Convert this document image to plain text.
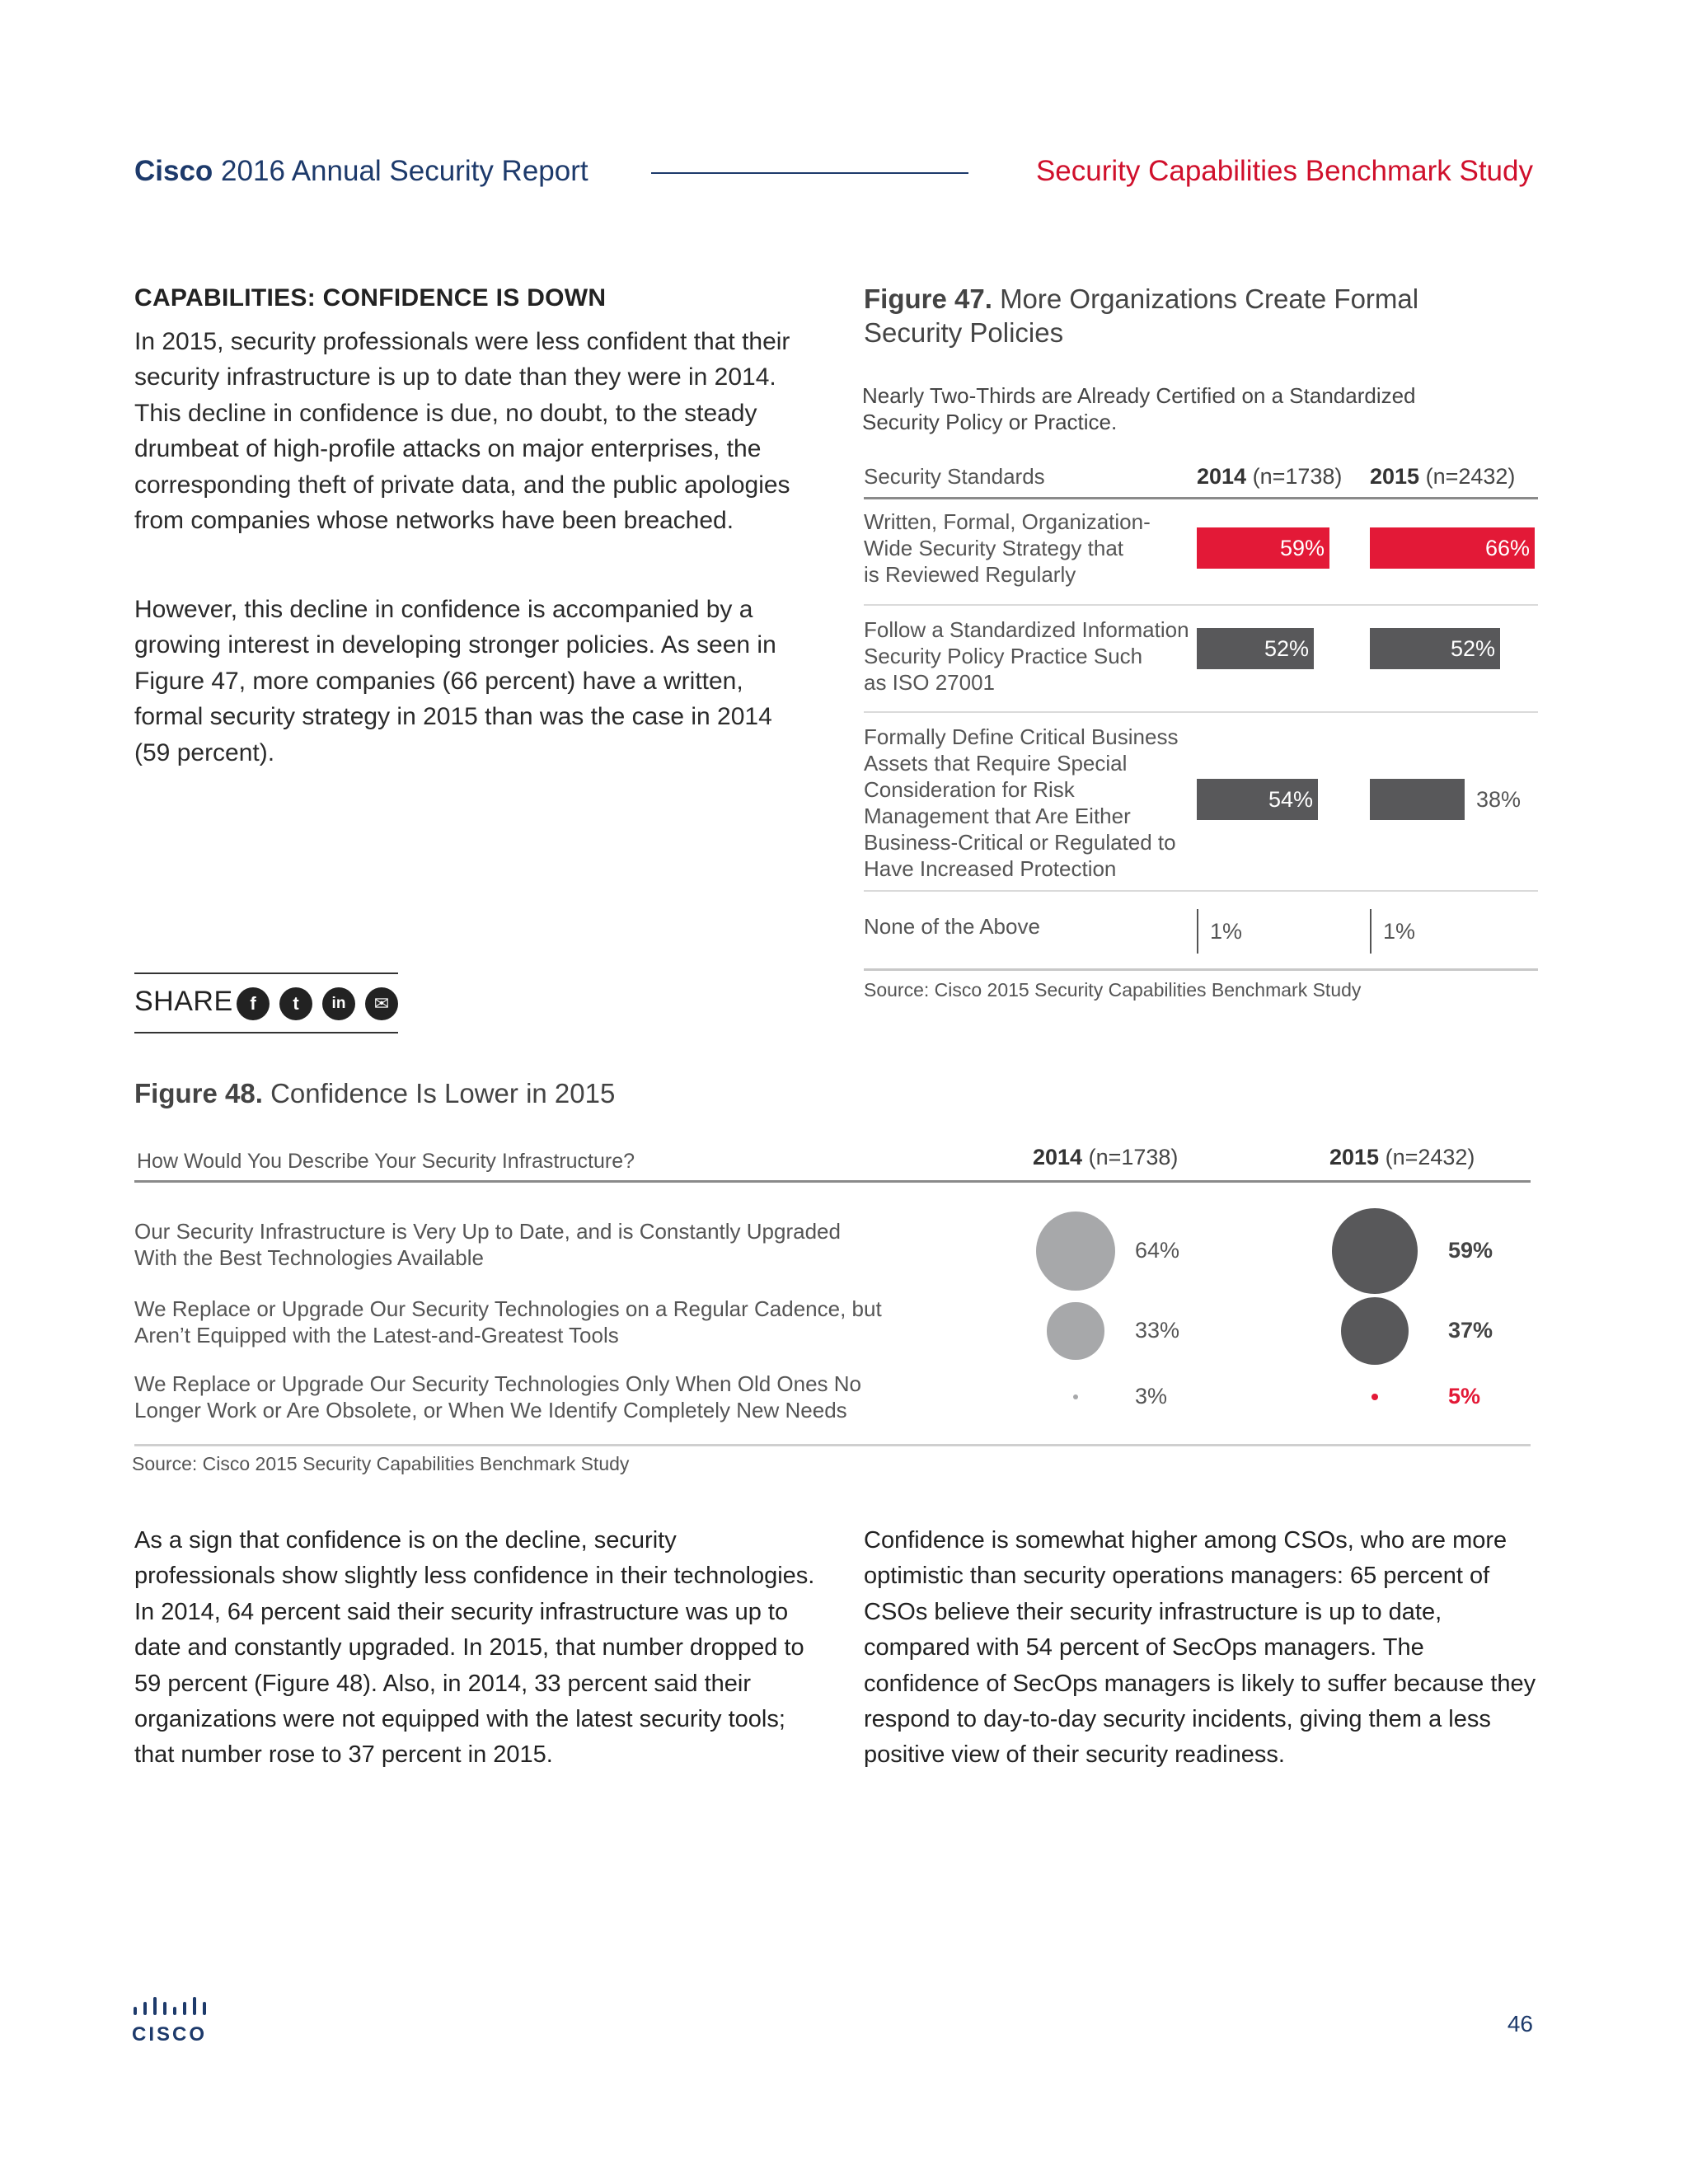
Cisco 2016 Annual Security Report	Security Capabilities Benchmark Study
CAPABILITIES: CONFIDENCE IS DOWN

In 2015, security professionals were less confident that their security infrastructure is up to date than they were in 2014. This decline in confidence is due, no doubt, to the steady drumbeat of high-profile attacks on major enterprises, the corresponding theft of private data, and the public apologies from companies whose networks have been breached.

However, this decline in confidence is accompanied by a growing interest in developing stronger policies. As seen in Figure 47, more companies (66 percent) have a written, formal security strategy in 2015 than was the case in 2014 (59 percent).

SHARE f	t	in	✉
Figure 47. More Organizations Create Formal Security Policies
Nearly Two-Thirds are Already Certified on a Standardized Security Policy or Practice.
Security Standards	2014 (n=1738) 2015 (n=2432)
Written, Formal, Organization-
Wide Security Strategy that
is Reviewed Regularly
59%	66%
Follow a Standardized Information
Security Policy Practice Such
as ISO 27001
52%	52%
Formally Define Critical Business
Assets that Require Special
Consideration for Risk
Management that Are Either
Business-Critical or Regulated to
Have Increased Protection
54%	38%
None of the Above	1%	1%
Source: Cisco 2015 Security Capabilities Benchmark Study
Figure 48. Confidence Is Lower in 2015
How Would You Describe Your Security Infrastructure?	2014 (n=1738)	2015 (n=2432)
Our Security Infrastructure is Very Up to Date, and is Constantly Upgraded
With the Best Technologies Available	64%	59%
We Replace or Upgrade Our Security Technologies on a Regular Cadence, but
Aren’t Equipped with the Latest-and-Greatest Tools	33%	37%
We Replace or Upgrade Our Security Technologies Only When Old Ones No
Longer Work or Are Obsolete, or When We Identify Completely New Needs
3%	5%
Source: Cisco 2015 Security Capabilities Benchmark Study

As a sign that confidence is on the decline, security professionals show slightly less confidence in their technologies. In 2014, 64 percent said their security infrastructure was up to date and constantly upgraded. In 2015, that number dropped to 59 percent (Figure 48). Also, in 2014, 33 percent said their organizations were not equipped with the latest security tools; that number rose to 37 percent in 2015.

Confidence is somewhat higher among CSOs, who are more optimistic than security operations managers: 65 percent of CSOs believe their security infrastructure is up to date, compared with 54 percent of SecOps managers. The confidence of SecOps managers is likely to suffer because they respond to day-to-day security incidents, giving them a less positive view of their security readiness.

CISCO	46
